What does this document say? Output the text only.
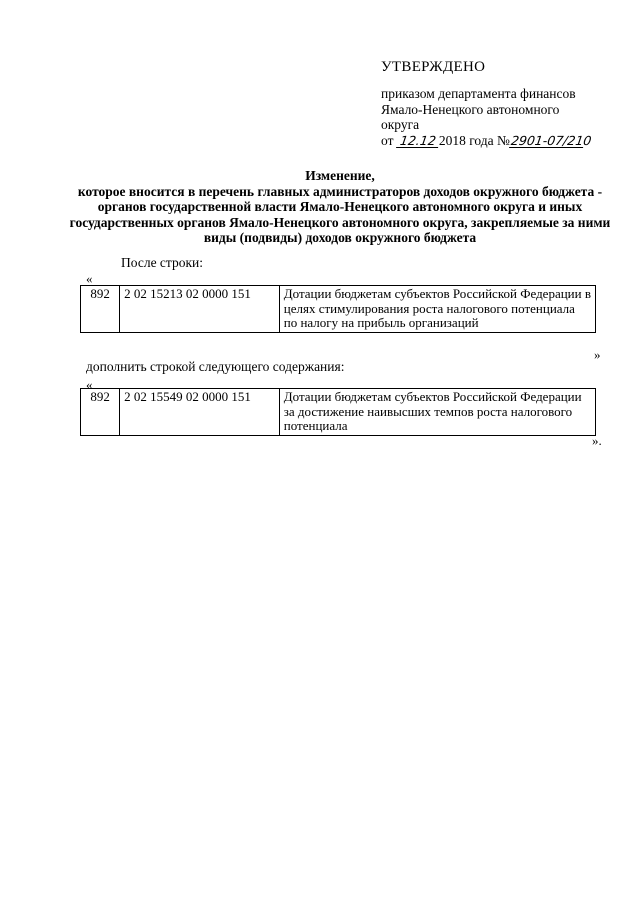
УТВЕРЖДЕНО

приказом департамента финансов

Ямало-Ненецкого автономного

округа

от 12.12 2018 года №2901-07/210

Изменение,
которое вносится в перечень главных администраторов доходов окружного бюджета - органов государственной власти Ямало-Ненецкого автономного округа и иных государственных органов Ямало-Ненецкого автономного округа, закрепляемые за ними виды (подвиды) доходов окружного бюджета
После строки:
«
892	2 02 15213 02 0000 151	Дотации бюджетам субъектов Российской Федерации в целях стимулирования роста налогового потенциала по налогу на прибыль организаций
»
дополнить строкой следующего содержания:
«
892	2 02 15549 02 0000 151	Дотации бюджетам субъектов Российской Федерации за достижение наивысших темпов роста налогового потенциала
».
